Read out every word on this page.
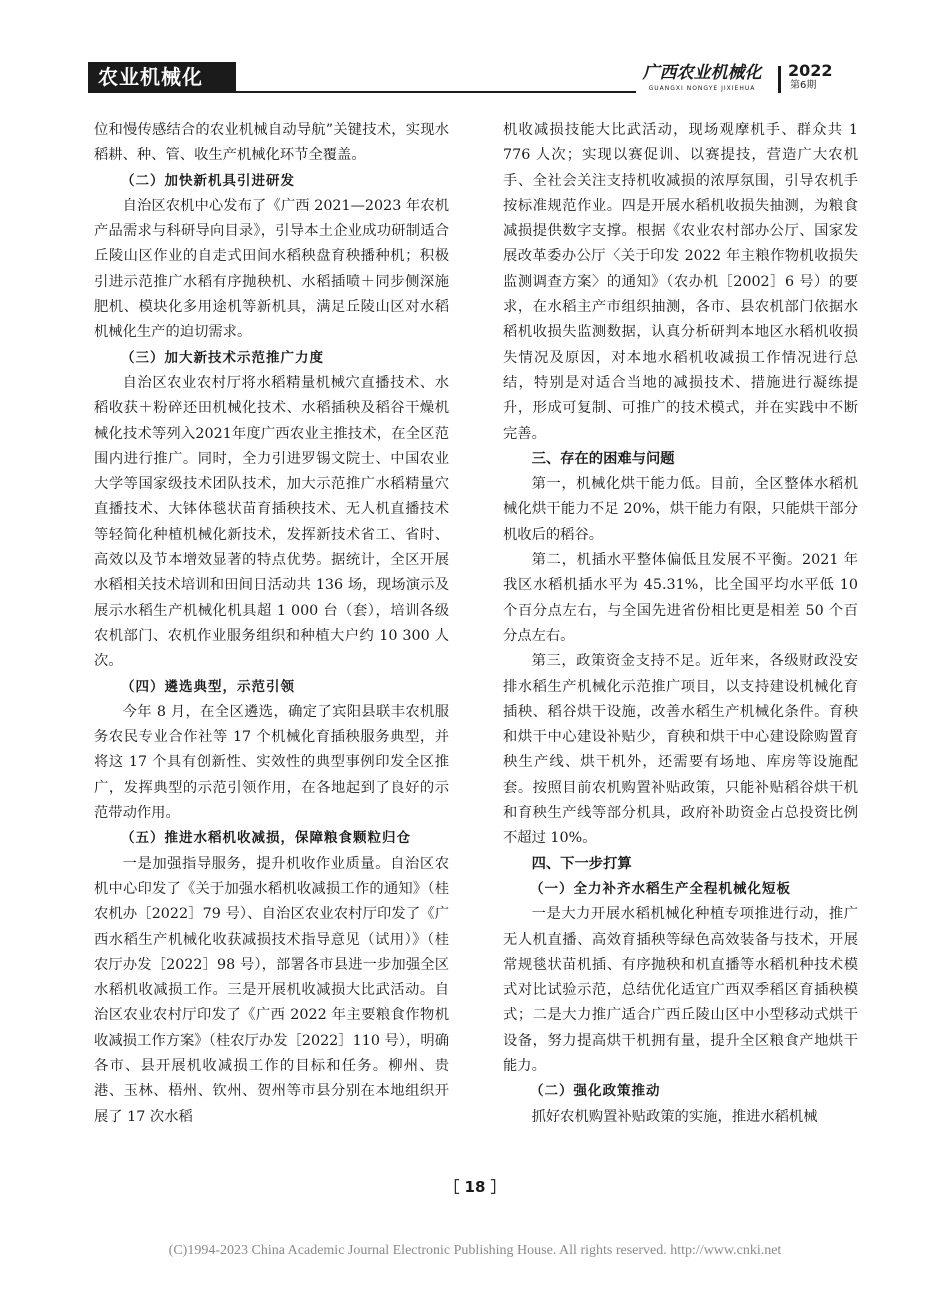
农业机械化	广西农业机械化
GUANGXI NONGYE JIXIEHUA
2022
第6期

位和慢传感结合的农业机械自动导航”关键技术，实现水稻耕、种、管、收生产机械化环节全覆盖。

（二）加快新机具引进研发

自治区农机中心发布了《广西 2021—2023 年农机产品需求与科研导向目录》，引导本土企业成功研制适合丘陵山区作业的自走式田间水稻秧盘育秧播种机；积极引进示范推广水稻有序抛秧机、水稻插喷＋同步侧深施肥机、模块化多用途机等新机具，满足丘陵山区对水稻机械化生产的迫切需求。

（三）加大新技术示范推广力度

自治区农业农村厅将水稻精量机械穴直播技术、水稻收获＋粉碎还田机械化技术、水稻插秧及稻谷干燥机械化技术等列入2021年度广西农业主推技术，在全区范围内进行推广。同时，全力引进罗锡文院士、中国农业大学等国家级技术团队技术，加大示范推广水稻精量穴直播技术、大钵体毯状苗育插秧技术、无人机直播技术等轻简化种植机械化新技术，发挥新技术省工、省时、高效以及节本增效显著的特点优势。据统计，全区开展水稻相关技术培训和田间日活动共 136 场，现场演示及展示水稻生产机械化机具超 1 000 台（套），培训各级农机部门、农机作业服务组织和种植大户约 10 300 人次。

（四）遴选典型，示范引领

今年 8 月，在全区遴选，确定了宾阳县联丰农机服务农民专业合作社等 17 个机械化育插秧服务典型，并将这 17 个具有创新性、实效性的典型事例印发全区推广，发挥典型的示范引领作用，在各地起到了良好的示范带动作用。

（五）推进水稻机收减损，保障粮食颗粒归仓

一是加强指导服务，提升机收作业质量。自治区农机中心印发了《关于加强水稻机收减损工作的通知》（桂农机办［2022］79 号）、自治区农业农村厅印发了《广西水稻生产机械化收获减损技术指导意见（试用）》（桂农厅办发［2022］98 号），部署各市县进一步加强全区水稻机收减损工作。三是开展机收减损大比武活动。自治区农业农村厅印发了《广西 2022 年主要粮食作物机收减损工作方案》（桂农厅办发［2022］110 号），明确各市、县开展机收减损工作的目标和任务。柳州、贵港、玉林、梧州、钦州、贺州等市县分别在本地组织开展了 17 次水稻

机收减损技能大比武活动，现场观摩机手、群众共 1 776 人次；实现以赛促训、以赛提技，营造广大农机手、全社会关注支持机收减损的浓厚氛围，引导农机手按标准规范作业。四是开展水稻机收损失抽测，为粮食减损提供数字支撑。根据《农业农村部办公厅、国家发展改革委办公厅〈关于印发 2022 年主粮作物机收损失监测调查方案〉的通知》（农办机［2002］6 号）的要求，在水稻主产市组织抽测，各市、县农机部门依据水稻机收损失监测数据，认真分析研判本地区水稻机收损失情况及原因，对本地水稻机收减损工作情况进行总结，特别是对适合当地的减损技术、措施进行凝练提升，形成可复制、可推广的技术模式，并在实践中不断完善。

三、存在的困难与问题

第一，机械化烘干能力低。目前，全区整体水稻机械化烘干能力不足 20%，烘干能力有限，只能烘干部分机收后的稻谷。

第二，机插水平整体偏低且发展不平衡。2021 年我区水稻机插水平为 45.31%，比全国平均水平低 10 个百分点左右，与全国先进省份相比更是相差 50 个百分点左右。

第三，政策资金支持不足。近年来，各级财政没安排水稻生产机械化示范推广项目，以支持建设机械化育插秧、稻谷烘干设施，改善水稻生产机械化条件。育秧和烘干中心建设补贴少，育秧和烘干中心建设除购置育秧生产线、烘干机外，还需要有场地、库房等设施配套。按照目前农机购置补贴政策，只能补贴稻谷烘干机和育秧生产线等部分机具，政府补助资金占总投资比例不超过 10%。

四、下一步打算
（一）全力补齐水稻生产全程机械化短板

一是大力开展水稻机械化种植专项推进行动，推广无人机直播、高效育插秧等绿色高效装备与技术，开展常规毯状苗机插、有序抛秧和机直播等水稻机种技术模式对比试验示范，总结优化适宜广西双季稻区育插秧模式；二是大力推广适合广西丘陵山区中小型移动式烘干设备，努力提高烘干机拥有量，提升全区粮食产地烘干能力。

（二）强化政策推动

抓好农机购置补贴政策的实施，推进水稻机械

［ 18 ］
(C)1994-2023 China Academic Journal Electronic Publishing House. All rights reserved. http://www.cnki.net
